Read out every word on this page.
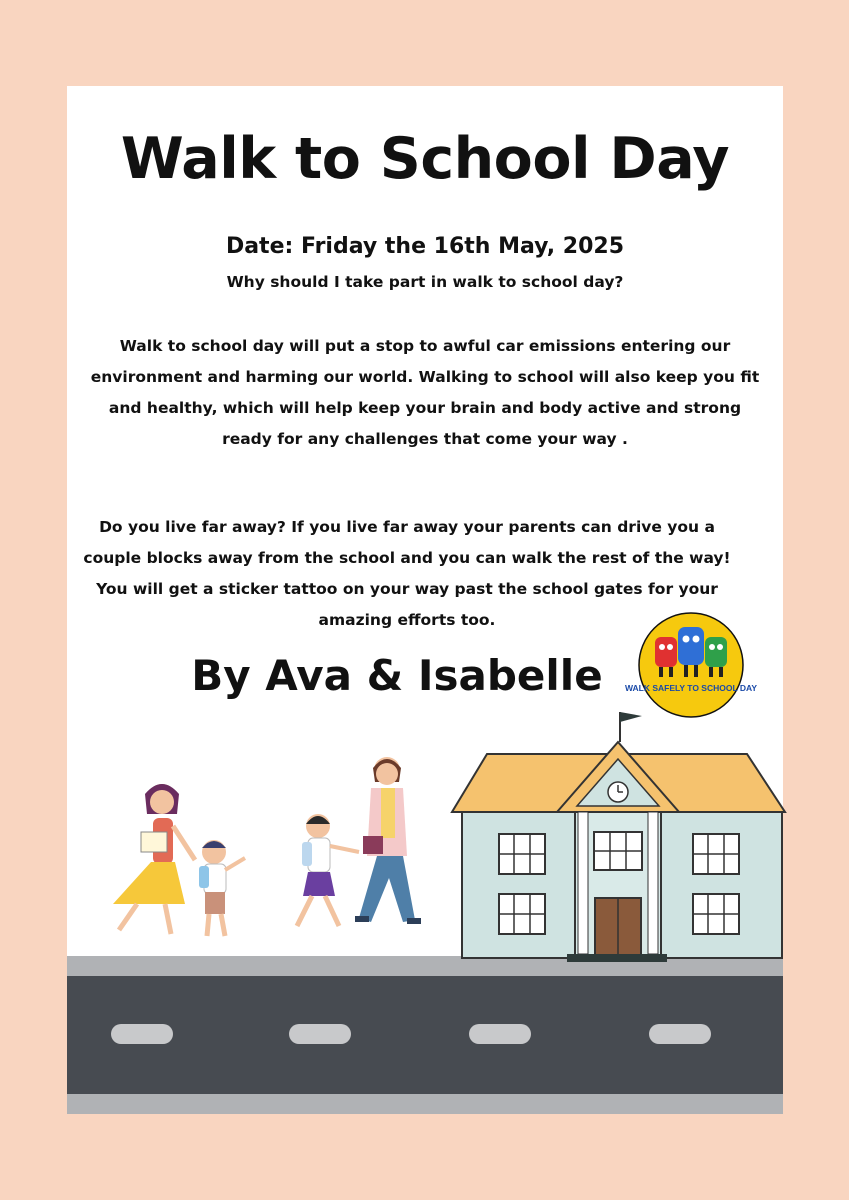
Walk to School Day
Date: Friday the 16th May, 2025
Why should I take part in walk to school day?
Walk to school day will put a stop to awful car emissions entering our environment and harming our world. Walking to school will also keep you fit and healthy, which will help keep your brain and body active and strong ready for any challenges that come your way .
Do you live far away? If you live far away your parents can drive you a couple blocks away from the school and you can walk the rest of the way! You will get a sticker tattoo on your way past the school gates for your amazing efforts too.
By Ava & Isabelle	WALK SAFELY TO SCHOOL DAY
